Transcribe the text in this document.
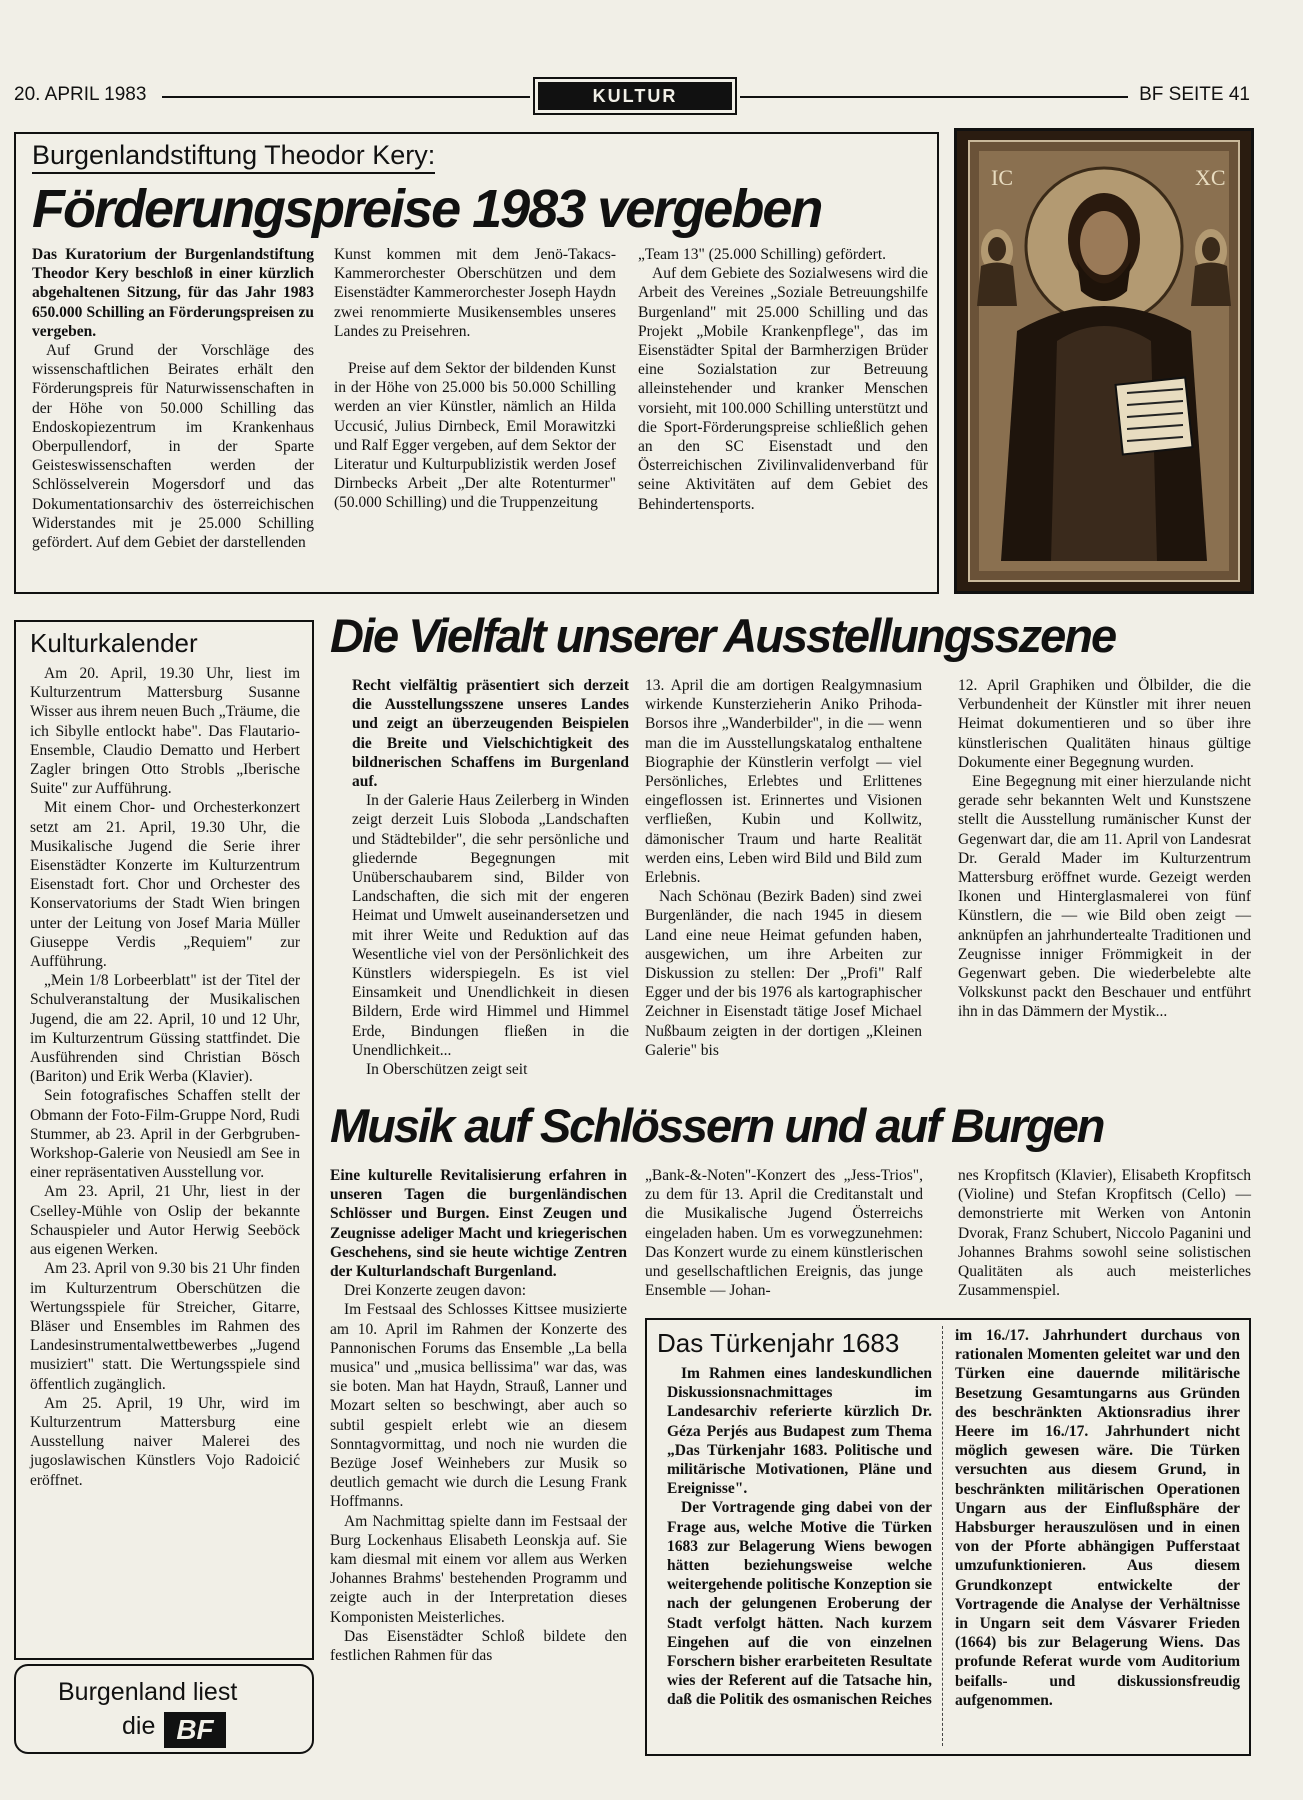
20. APRIL 1983	KULTUR	BF SEITE 41
Burgenlandstiftung Theodor Kery:
Förderungspreise 1983 vergeben

Das Kuratorium der Burgenlandstiftung Theodor Kery beschloß in einer kürzlich abgehaltenen Sitzung, für das Jahr 1983 650.000 Schilling an Förderungspreisen zu vergeben.

Auf Grund der Vorschläge des wissenschaftlichen Beirates erhält den Förderungspreis für Naturwissenschaften in der Höhe von 50.000 Schilling das Endoskopiezentrum im Krankenhaus Oberpullendorf, in der Sparte Geisteswissenschaften werden der Schlösselverein Mogersdorf und das Dokumentationsarchiv des österreichischen Widerstandes mit je 25.000 Schilling gefördert. Auf dem Gebiet der darstellenden

Kunst kommen mit dem Jenö-Takacs-Kammerorchester Oberschützen und dem Eisenstädter Kammerorchester Joseph Haydn zwei renommierte Musikensembles unseres Landes zu Preisehren.

Preise auf dem Sektor der bildenden Kunst in der Höhe von 25.000 bis 50.000 Schilling werden an vier Künstler, nämlich an Hilda Uccusić, Julius Dirnbeck, Emil Morawitzki und Ralf Egger vergeben, auf dem Sektor der Literatur und Kulturpublizistik werden Josef Dirnbecks Arbeit „Der alte Rotenturmer" (50.000 Schilling) und die Truppenzeitung

„Team 13" (25.000 Schilling) gefördert.

Auf dem Gebiete des Sozialwesens wird die Arbeit des Vereines „Soziale Betreuungshilfe Burgenland" mit 25.000 Schilling und das Projekt „Mobile Krankenpflege", das im Eisenstädter Spital der Barmherzigen Brüder eine Sozialstation zur Betreuung alleinstehender und kranker Menschen vorsieht, mit 100.000 Schilling unterstützt und die Sport-Förderungspreise schließlich gehen an den SC Eisenstadt und den Österreichischen Zivilinvalidenverband für seine Aktivitäten auf dem Gebiet des Behindertensports.

IC	XC
Kulturkalender

Am 20. April, 19.30 Uhr, liest im Kulturzentrum Mattersburg Susanne Wisser aus ihrem neuen Buch „Träume, die ich Sibylle entlockt habe". Das Flautario-Ensemble, Claudio Dematto und Herbert Zagler bringen Otto Strobls „Iberische Suite" zur Aufführung.

Mit einem Chor- und Orchesterkonzert setzt am 21. April, 19.30 Uhr, die Musikalische Jugend die Serie ihrer Eisenstädter Konzerte im Kulturzentrum Eisenstadt fort. Chor und Orchester des Konservatoriums der Stadt Wien bringen unter der Leitung von Josef Maria Müller Giuseppe Verdis „Requiem" zur Aufführung.

„Mein 1/8 Lorbeerblatt" ist der Titel der Schulveranstaltung der Musikalischen Jugend, die am 22. April, 10 und 12 Uhr, im Kulturzentrum Güssing stattfindet. Die Ausführenden sind Christian Bösch (Bariton) und Erik Werba (Klavier).

Sein fotografisches Schaffen stellt der Obmann der Foto-Film-Gruppe Nord, Rudi Stummer, ab 23. April in der Gerbgruben-Workshop-Galerie von Neusiedl am See in einer repräsentativen Ausstellung vor.

Am 23. April, 21 Uhr, liest in der Cselley-Mühle von Oslip der bekannte Schauspieler und Autor Herwig Seeböck aus eigenen Werken.

Am 23. April von 9.30 bis 21 Uhr finden im Kulturzentrum Oberschützen die Wertungsspiele für Streicher, Gitarre, Bläser und Ensembles im Rahmen des Landesinstrumentalwettbewerbes „Jugend musiziert" statt. Die Wertungsspiele sind öffentlich zugänglich.

Am 25. April, 19 Uhr, wird im Kulturzentrum Mattersburg eine Ausstellung naiver Malerei des jugoslawischen Künstlers Vojo Radoicić eröffnet.

Burgenland liest
die BF
Die Vielfalt unserer Ausstellungsszene

Recht vielfältig präsentiert sich derzeit die Ausstellungsszene unseres Landes und zeigt an überzeugenden Beispielen die Breite und Vielschichtigkeit des bildnerischen Schaffens im Burgenland auf.

In der Galerie Haus Zeilerberg in Winden zeigt derzeit Luis Sloboda „Landschaften und Städtebilder", die sehr persönliche und gliedernde Begegnungen mit Unüberschaubarem sind, Bilder von Landschaften, die sich mit der engeren Heimat und Umwelt auseinandersetzen und mit ihrer Weite und Reduktion auf das Wesentliche viel von der Persönlichkeit des Künstlers widerspiegeln. Es ist viel Einsamkeit und Unendlichkeit in diesen Bildern, Erde wird Himmel und Himmel Erde, Bindungen fließen in die Unendlichkeit...

In Oberschützen zeigt seit

13. April die am dortigen Realgymnasium wirkende Kunsterzieherin Aniko Prihoda-Borsos ihre „Wanderbilder", in die — wenn man die im Ausstellungskatalog enthaltene Biographie der Künstlerin verfolgt — viel Persönliches, Erlebtes und Erlittenes eingeflossen ist. Erinnertes und Visionen verfließen, Kubin und Kollwitz, dämonischer Traum und harte Realität werden eins, Leben wird Bild und Bild zum Erlebnis.

Nach Schönau (Bezirk Baden) sind zwei Burgenländer, die nach 1945 in diesem Land eine neue Heimat gefunden haben, ausgewichen, um ihre Arbeiten zur Diskussion zu stellen: Der „Profi" Ralf Egger und der bis 1976 als kartographischer Zeichner in Eisenstadt tätige Josef Michael Nußbaum zeigten in der dortigen „Kleinen Galerie" bis

12. April Graphiken und Ölbilder, die die Verbundenheit der Künstler mit ihrer neuen Heimat dokumentieren und so über ihre künstlerischen Qualitäten hinaus gültige Dokumente einer Begegnung wurden.

Eine Begegnung mit einer hierzulande nicht gerade sehr bekannten Welt und Kunstszene stellt die Ausstellung rumänischer Kunst der Gegenwart dar, die am 11. April von Landesrat Dr. Gerald Mader im Kulturzentrum Mattersburg eröffnet wurde. Gezeigt werden Ikonen und Hinterglasmalerei von fünf Künstlern, die — wie Bild oben zeigt — anknüpfen an jahrhundertealte Traditionen und Zeugnisse inniger Frömmigkeit in der Gegenwart geben. Die wiederbelebte alte Volkskunst packt den Beschauer und entführt ihn in das Dämmern der Mystik...

Musik auf Schlössern und auf Burgen

Eine kulturelle Revitalisierung erfahren in unseren Tagen die burgenländischen Schlösser und Burgen. Einst Zeugen und Zeugnisse adeliger Macht und kriegerischen Geschehens, sind sie heute wichtige Zentren der Kulturlandschaft Burgenland.

Drei Konzerte zeugen davon:

Im Festsaal des Schlosses Kittsee musizierte am 10. April im Rahmen der Konzerte des Pannonischen Forums das Ensemble „La bella musica" und „musica bellissima" war das, was sie boten. Man hat Haydn, Strauß, Lanner und Mozart selten so beschwingt, aber auch so subtil gespielt erlebt wie an diesem Sonntagvormittag, und noch nie wurden die Bezüge Josef Weinhebers zur Musik so deutlich gemacht wie durch die Lesung Frank Hoffmanns.

Am Nachmittag spielte dann im Festsaal der Burg Lockenhaus Elisabeth Leonskja auf. Sie kam diesmal mit einem vor allem aus Werken Johannes Brahms' bestehenden Programm und zeigte auch in der Interpretation dieses Komponisten Meisterliches.

Das Eisenstädter Schloß bildete den festlichen Rahmen für das

„Bank-&-Noten"-Konzert des „Jess-Trios", zu dem für 13. April die Creditanstalt und die Musikalische Jugend Österreichs eingeladen haben. Um es vorwegzunehmen: Das Konzert wurde zu einem künstlerischen und gesellschaftlichen Ereignis, das junge Ensemble — Johan-

nes Kropfitsch (Klavier), Elisabeth Kropfitsch (Violine) und Stefan Kropfitsch (Cello) — demonstrierte mit Werken von Antonin Dvorak, Franz Schubert, Niccolo Paganini und Johannes Brahms sowohl seine solistischen Qualitäten als auch meisterliches Zusammenspiel.

Das Türkenjahr 1683

Im Rahmen eines landeskundlichen Diskussionsnachmittages im Landesarchiv referierte kürzlich Dr. Géza Perjés aus Budapest zum Thema „Das Türkenjahr 1683. Politische und militärische Motivationen, Pläne und Ereignisse".

Der Vortragende ging dabei von der Frage aus, welche Motive die Türken 1683 zur Belagerung Wiens bewogen hätten beziehungsweise welche weitergehende politische Konzeption sie nach der gelungenen Eroberung der Stadt verfolgt hätten. Nach kurzem Eingehen auf die von einzelnen Forschern bisher erarbeiteten Resultate wies der Referent auf die Tatsache hin, daß die Politik des osmanischen Reiches

im 16./17. Jahrhundert durchaus von rationalen Momenten geleitet war und den Türken eine dauernde militärische Besetzung Gesamtungarns aus Gründen des beschränkten Aktionsradius ihrer Heere im 16./17. Jahrhundert nicht möglich gewesen wäre. Die Türken versuchten aus diesem Grund, in beschränkten militärischen Operationen Ungarn aus der Einflußsphäre der Habsburger herauszulösen und in einen von der Pforte abhängigen Pufferstaat umzufunktionieren. Aus diesem Grundkonzept entwickelte der Vortragende die Analyse der Verhältnisse in Ungarn seit dem Vásvarer Frieden (1664) bis zur Belagerung Wiens. Das profunde Referat wurde vom Auditorium beifalls- und diskussionsfreudig aufgenommen.
